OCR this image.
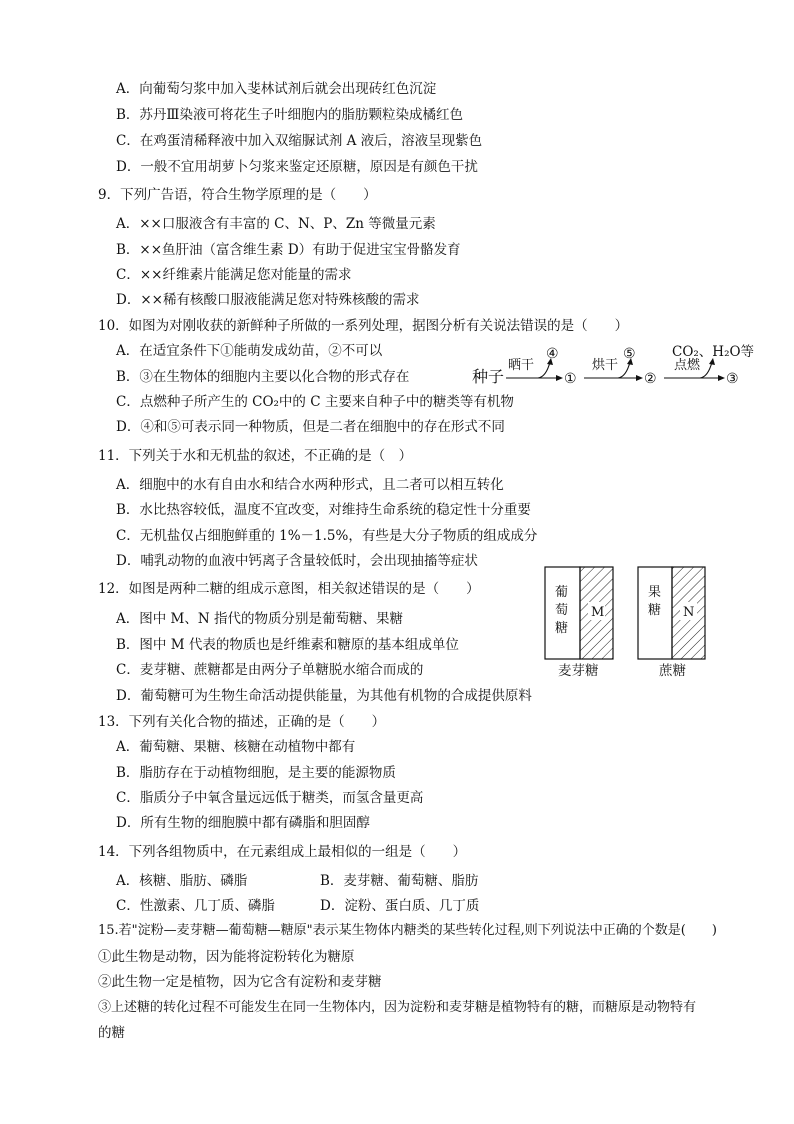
A．向葡萄匀浆中加入斐林试剂后就会出现砖红色沉淀
B．苏丹Ⅲ染液可将花生子叶细胞内的脂肪颗粒染成橘红色
C．在鸡蛋清稀释液中加入双缩脲试剂 A 液后，溶液呈现紫色
D．一般不宜用胡萝卜匀浆来鉴定还原糖，原因是有颜色干扰
9．下列广告语，符合生物学原理的是（　　）
A．××口服液含有丰富的 C、N、P、Zn 等微量元素
B．××鱼肝油（富含维生素 D）有助于促进宝宝骨骼发育
C．××纤维素片能满足您对能量的需求
D．××稀有核酸口服液能满足您对特殊核酸的需求
10．如图为对刚收获的新鲜种子所做的一系列处理，据图分析有关说法错误的是（　　）
A．在适宜条件下①能萌发成幼苗，②不可以
B．③在生物体的细胞内主要以化合物的形式存在
C．点燃种子所产生的 CO₂中的 C 主要来自种子中的糖类等有机物
D．④和⑤可表示同一种物质，但是二者在细胞中的存在形式不同
种子
晒干
④
①
烘干
⑤
②
点燃
CO₂、H₂O等
③
11．下列关于水和无机盐的叙述，不正确的是（　）
A．细胞中的水有自由水和结合水两种形式，且二者可以相互转化
B．水比热容较低，温度不宜改变，对维持生命系统的稳定性十分重要
C．无机盐仅占细胞鲜重的 1%－1.5%，有些是大分子物质的组成成分
D．哺乳动物的血液中钙离子含量较低时，会出现抽搐等症状
12．如图是两种二糖的组成示意图，相关叙述错误的是（　　）
A．图中 M、N 指代的物质分别是葡萄糖、果糖
B．图中 M 代表的物质也是纤维素和糖原的基本组成单位
C．麦芽糖、蔗糖都是由两分子单糖脱水缩合而成的
D．葡萄糖可为生物生命活动提供能量，为其他有机物的合成提供原料
葡
萄
糖
M
麦芽糖
果
糖 N
蔗糖
13．下列有关化合物的描述，正确的是（　　）
A．葡萄糖、果糖、核糖在动植物中都有
B．脂肪存在于动植物细胞，是主要的能源物质
C．脂质分子中氧含量远远低于糖类，而氢含量更高
D．所有生物的细胞膜中都有磷脂和胆固醇
14．下列各组物质中，在元素组成上最相似的一组是（　　）
A．核糖、脂肪、磷脂	B．麦芽糖、葡萄糖、脂肪
C．性激素、几丁质、磷脂	D．淀粉、蛋白质、几丁质
15.若"淀粉—麦芽糖—葡萄糖—糖原"表示某生物体内糖类的某些转化过程,则下列说法中正确的个数是(　　)
①此生物是动物，因为能将淀粉转化为糖原
②此生物一定是植物，因为它含有淀粉和麦芽糖
③上述糖的转化过程不可能发生在同一生物体内，因为淀粉和麦芽糖是植物特有的糖，而糖原是动物特有
的糖
